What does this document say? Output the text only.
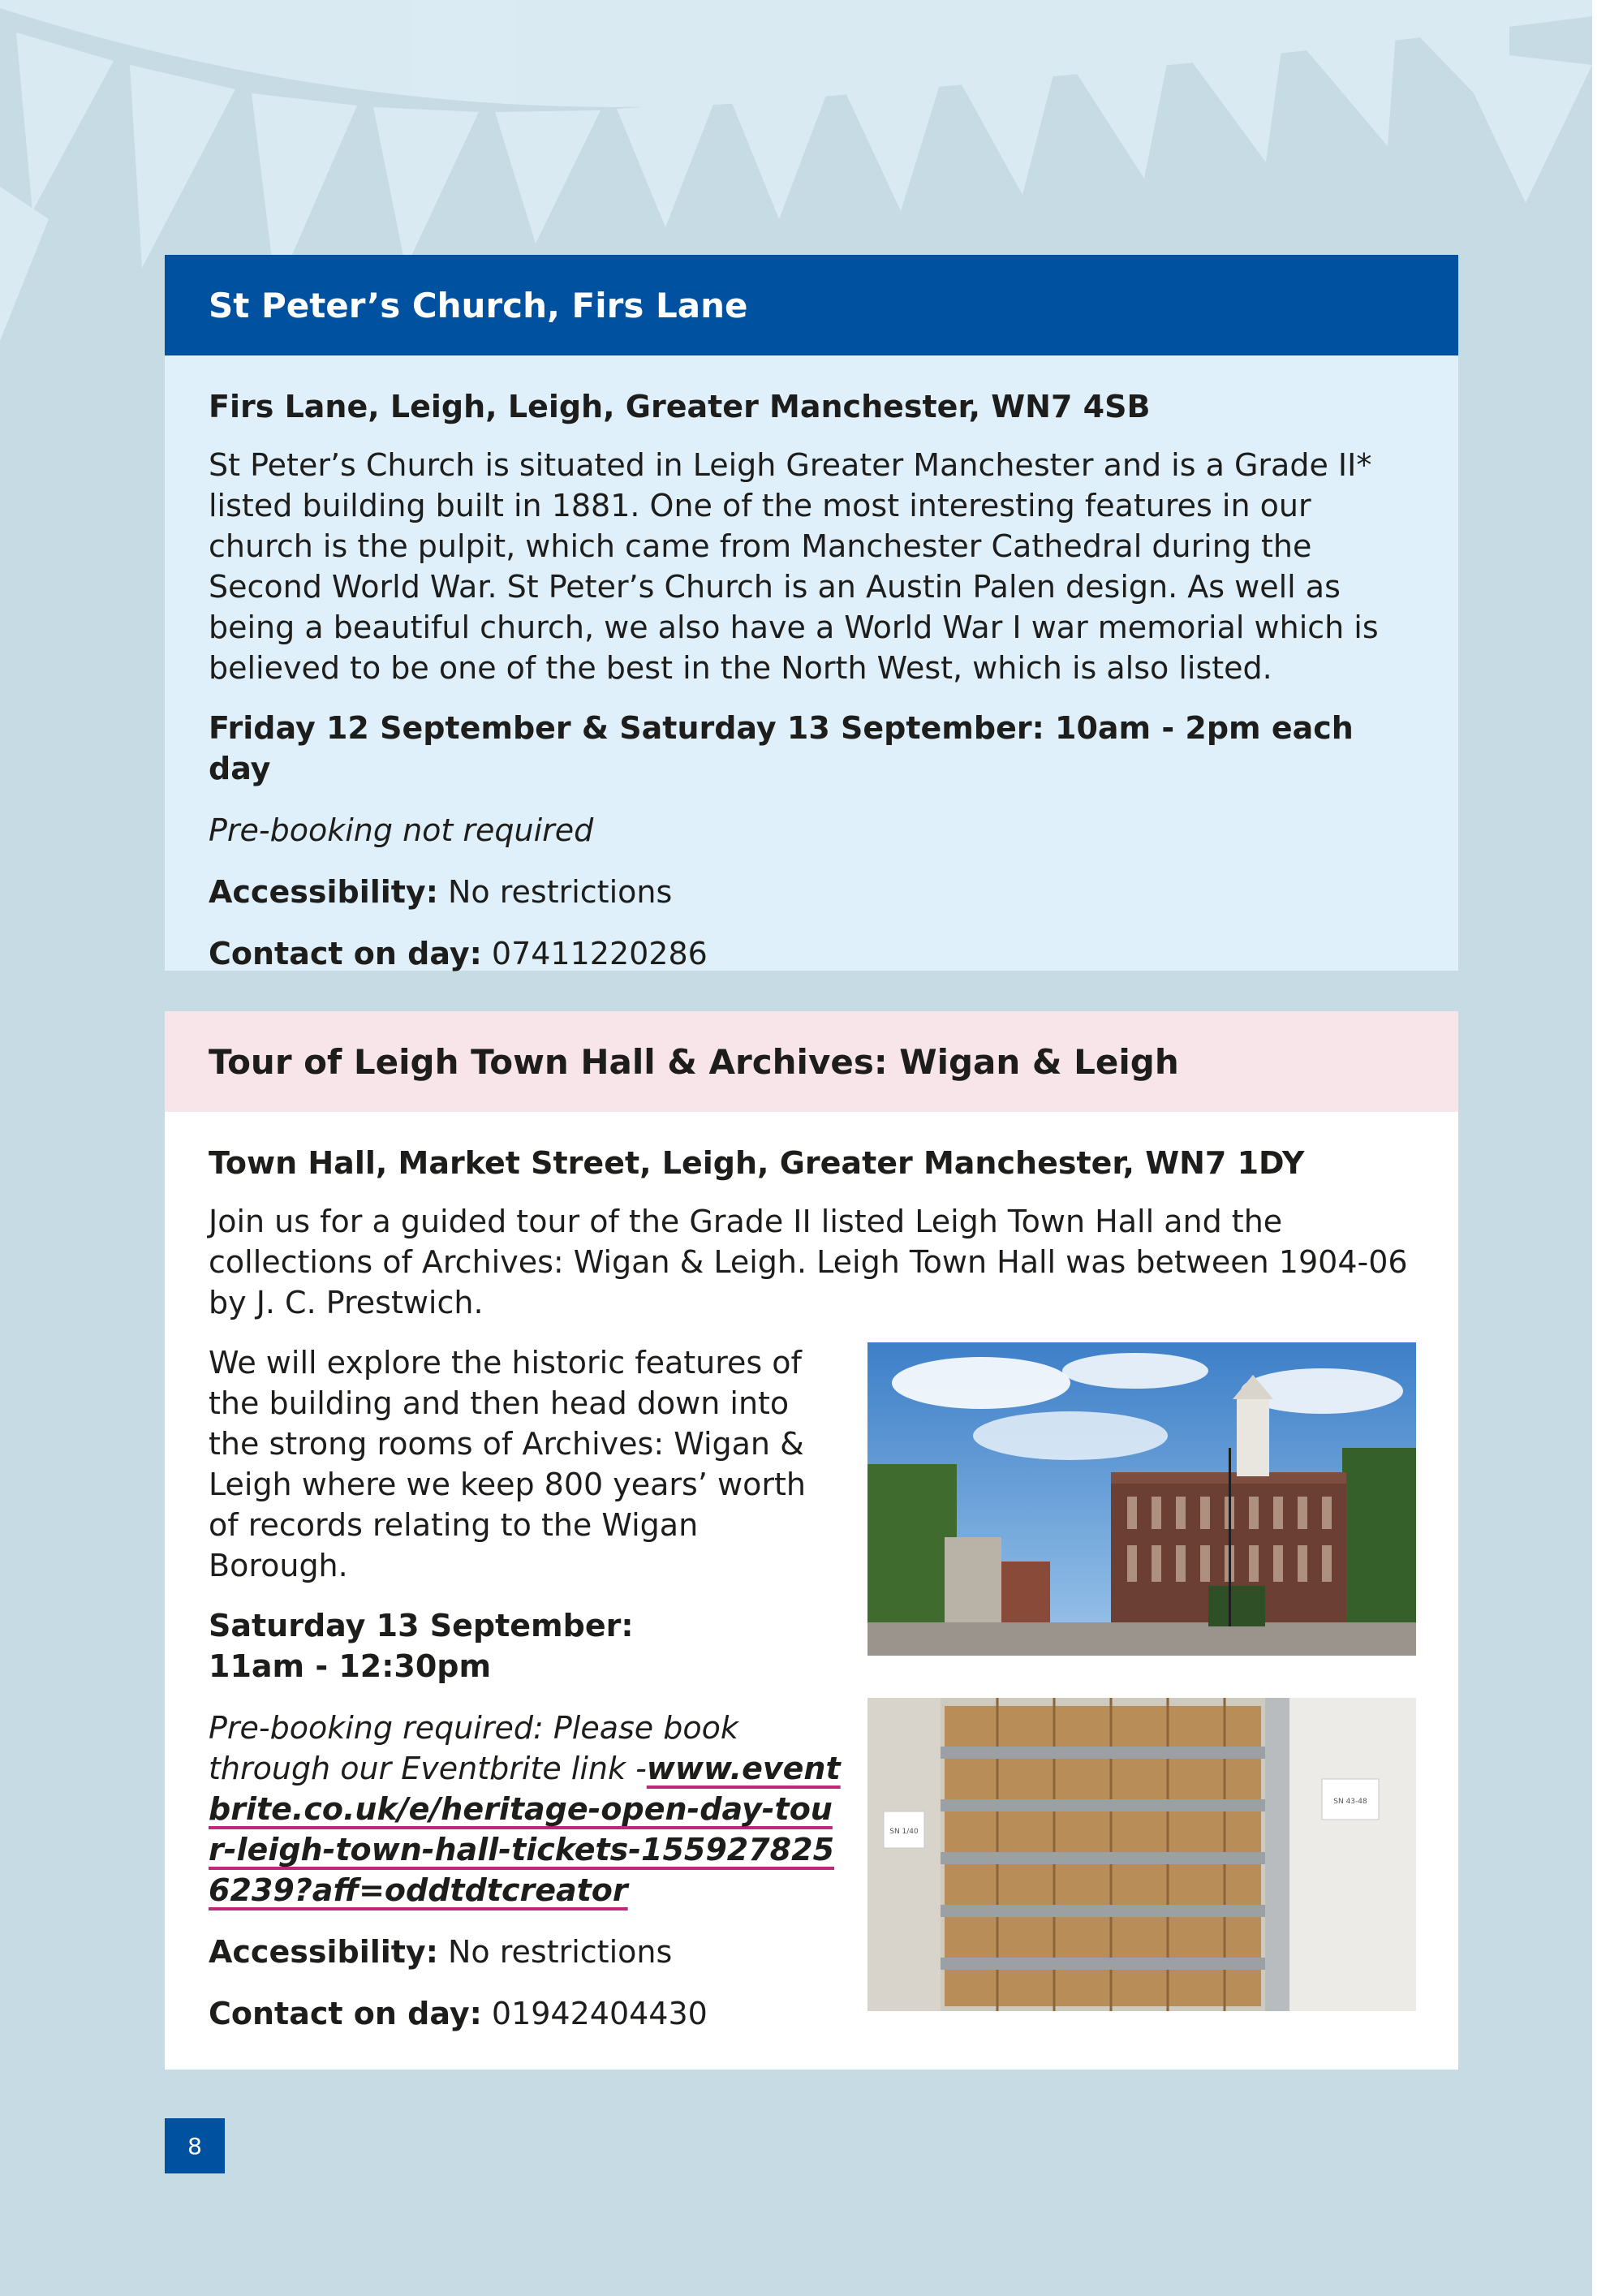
St Peter’s Church, Firs Lane

Firs Lane, Leigh, Leigh, Greater Manchester, WN7 4SB

St Peter’s Church is situated in Leigh Greater Manchester and is a Grade II* listed building built in 1881. One of the most interesting features in our church is the pulpit, which came from Manchester Cathedral during the Second World War. St Peter’s Church is an Austin Palen design. As well as being a beautiful church, we also have a World War I war memorial which is believed to be one of the best in the North West, which is also listed.

Friday 12 September & Saturday 13 September: 10am - 2pm each day

Pre-booking not required

Accessibility: No restrictions

Contact on day: 07411220286

Tour of Leigh Town Hall & Archives: Wigan & Leigh

Town Hall, Market Street, Leigh, Greater Manchester, WN7 1DY

Join us for a guided tour of the Grade II listed Leigh Town Hall and the collections of Archives: Wigan & Leigh. Leigh Town Hall was between 1904-06 by J. C. Prestwich.

We will explore the historic features of the building and then head down into the strong rooms of Archives: Wigan & Leigh where we keep 800 years’ worth of records relating to the Wigan Borough.

Saturday 13 September:
11am - 12:30pm

Pre-booking required: Please book through our Eventbrite link -www.eventbrite.co.uk/e/heritage-open-day-tour-leigh-town-hall-tickets-1559278256239?aff=oddtdtcreator

Accessibility: No restrictions

Contact on day: 01942404430

SN 1/40
SN 43-48
8
